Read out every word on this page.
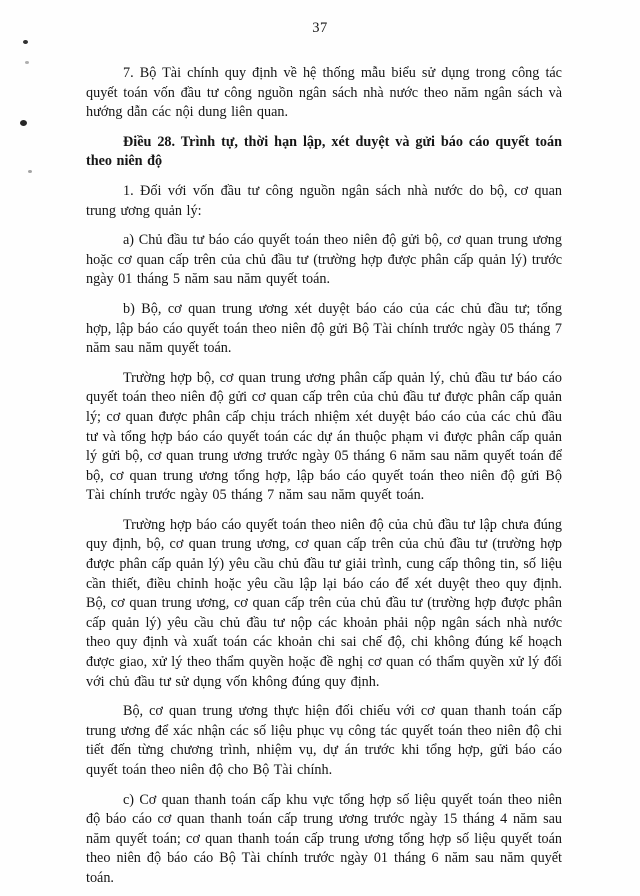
37

7. Bộ Tài chính quy định về hệ thống mẫu biểu sử dụng trong công tác quyết toán vốn đầu tư công nguồn ngân sách nhà nước theo năm ngân sách và hướng dẫn các nội dung liên quan.

Điều 28. Trình tự, thời hạn lập, xét duyệt và gửi báo cáo quyết toán theo niên độ

1. Đối với vốn đầu tư công nguồn ngân sách nhà nước do bộ, cơ quan trung ương quản lý:

a) Chủ đầu tư báo cáo quyết toán theo niên độ gửi bộ, cơ quan trung ương hoặc cơ quan cấp trên của chủ đầu tư (trường hợp được phân cấp quản lý) trước ngày 01 tháng 5 năm sau năm quyết toán.

b) Bộ, cơ quan trung ương xét duyệt báo cáo của các chủ đầu tư; tổng hợp, lập báo cáo quyết toán theo niên độ gửi Bộ Tài chính trước ngày 05 tháng 7 năm sau năm quyết toán.

Trường hợp bộ, cơ quan trung ương phân cấp quản lý, chủ đầu tư báo cáo quyết toán theo niên độ gửi cơ quan cấp trên của chủ đầu tư được phân cấp quản lý; cơ quan được phân cấp chịu trách nhiệm xét duyệt báo cáo của các chủ đầu tư và tổng hợp báo cáo quyết toán các dự án thuộc phạm vi được phân cấp quản lý gửi bộ, cơ quan trung ương trước ngày 05 tháng 6 năm sau năm quyết toán để bộ, cơ quan trung ương tổng hợp, lập báo cáo quyết toán theo niên độ gửi Bộ Tài chính trước ngày 05 tháng 7 năm sau năm quyết toán.

Trường hợp báo cáo quyết toán theo niên độ của chủ đầu tư lập chưa đúng quy định, bộ, cơ quan trung ương, cơ quan cấp trên của chủ đầu tư (trường hợp được phân cấp quản lý) yêu cầu chủ đầu tư giải trình, cung cấp thông tin, số liệu cần thiết, điều chỉnh hoặc yêu cầu lập lại báo cáo để xét duyệt theo quy định. Bộ, cơ quan trung ương, cơ quan cấp trên của chủ đầu tư (trường hợp được phân cấp quản lý) yêu cầu chủ đầu tư nộp các khoản phải nộp ngân sách nhà nước theo quy định và xuất toán các khoản chi sai chế độ, chi không đúng kế hoạch được giao, xử lý theo thẩm quyền hoặc đề nghị cơ quan có thẩm quyền xử lý đối với chủ đầu tư sử dụng vốn không đúng quy định.

Bộ, cơ quan trung ương thực hiện đối chiếu với cơ quan thanh toán cấp trung ương để xác nhận các số liệu phục vụ công tác quyết toán theo niên độ chi tiết đến từng chương trình, nhiệm vụ, dự án trước khi tổng hợp, gửi báo cáo quyết toán theo niên độ cho Bộ Tài chính.

c) Cơ quan thanh toán cấp khu vực tổng hợp số liệu quyết toán theo niên độ báo cáo cơ quan thanh toán cấp trung ương trước ngày 15 tháng 4 năm sau năm quyết toán; cơ quan thanh toán cấp trung ương tổng hợp số liệu quyết toán theo niên độ báo cáo Bộ Tài chính trước ngày 01 tháng 6 năm sau năm quyết toán.
